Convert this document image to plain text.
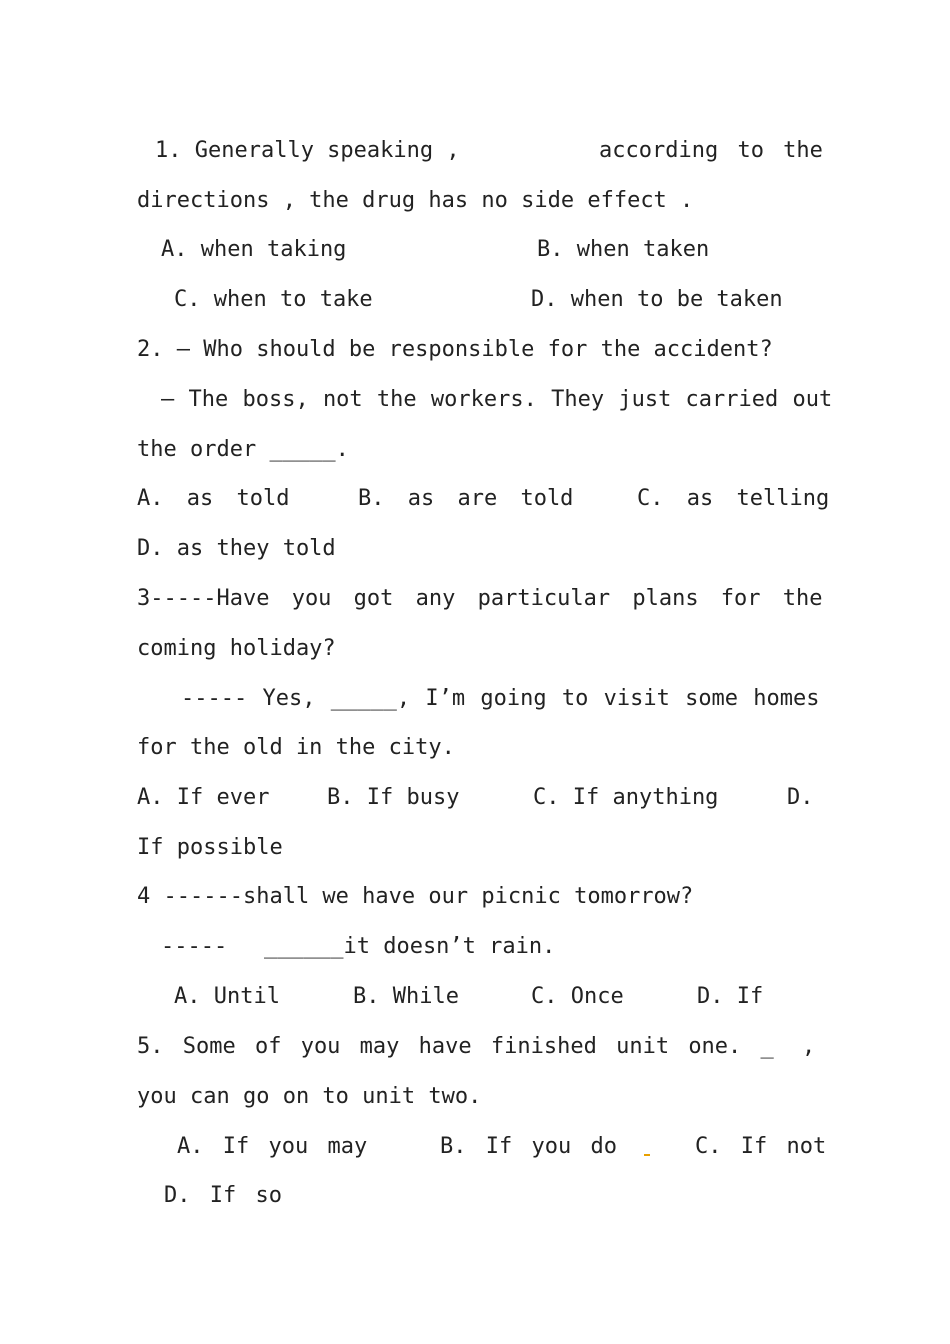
1. Generally speaking ,	according to the
directions , the drug has no side effect .
A. when taking	B. when taken
C. when to take	D. when to be taken
2. – Who should be responsible for the accident?
– The boss, not the workers. They just carried out
the order _____.
A. as told	B. as are told	C. as telling
D. as they told
3-----Have you got any particular plans for the
coming holiday?
----- Yes, _____, I’m going to visit some homes
for the old in the city.
A. If ever	B. If busy	C. If anything	D.
If possible
4 ------shall we have our picnic tomorrow?
----- ______it doesn’t rain.
A. Until	B. While	C. Once	D. If
5. Some of you may have finished unit one. _ ,
you can go on to unit two.
A. If you may	B. If you do	C. If not
D. If so
